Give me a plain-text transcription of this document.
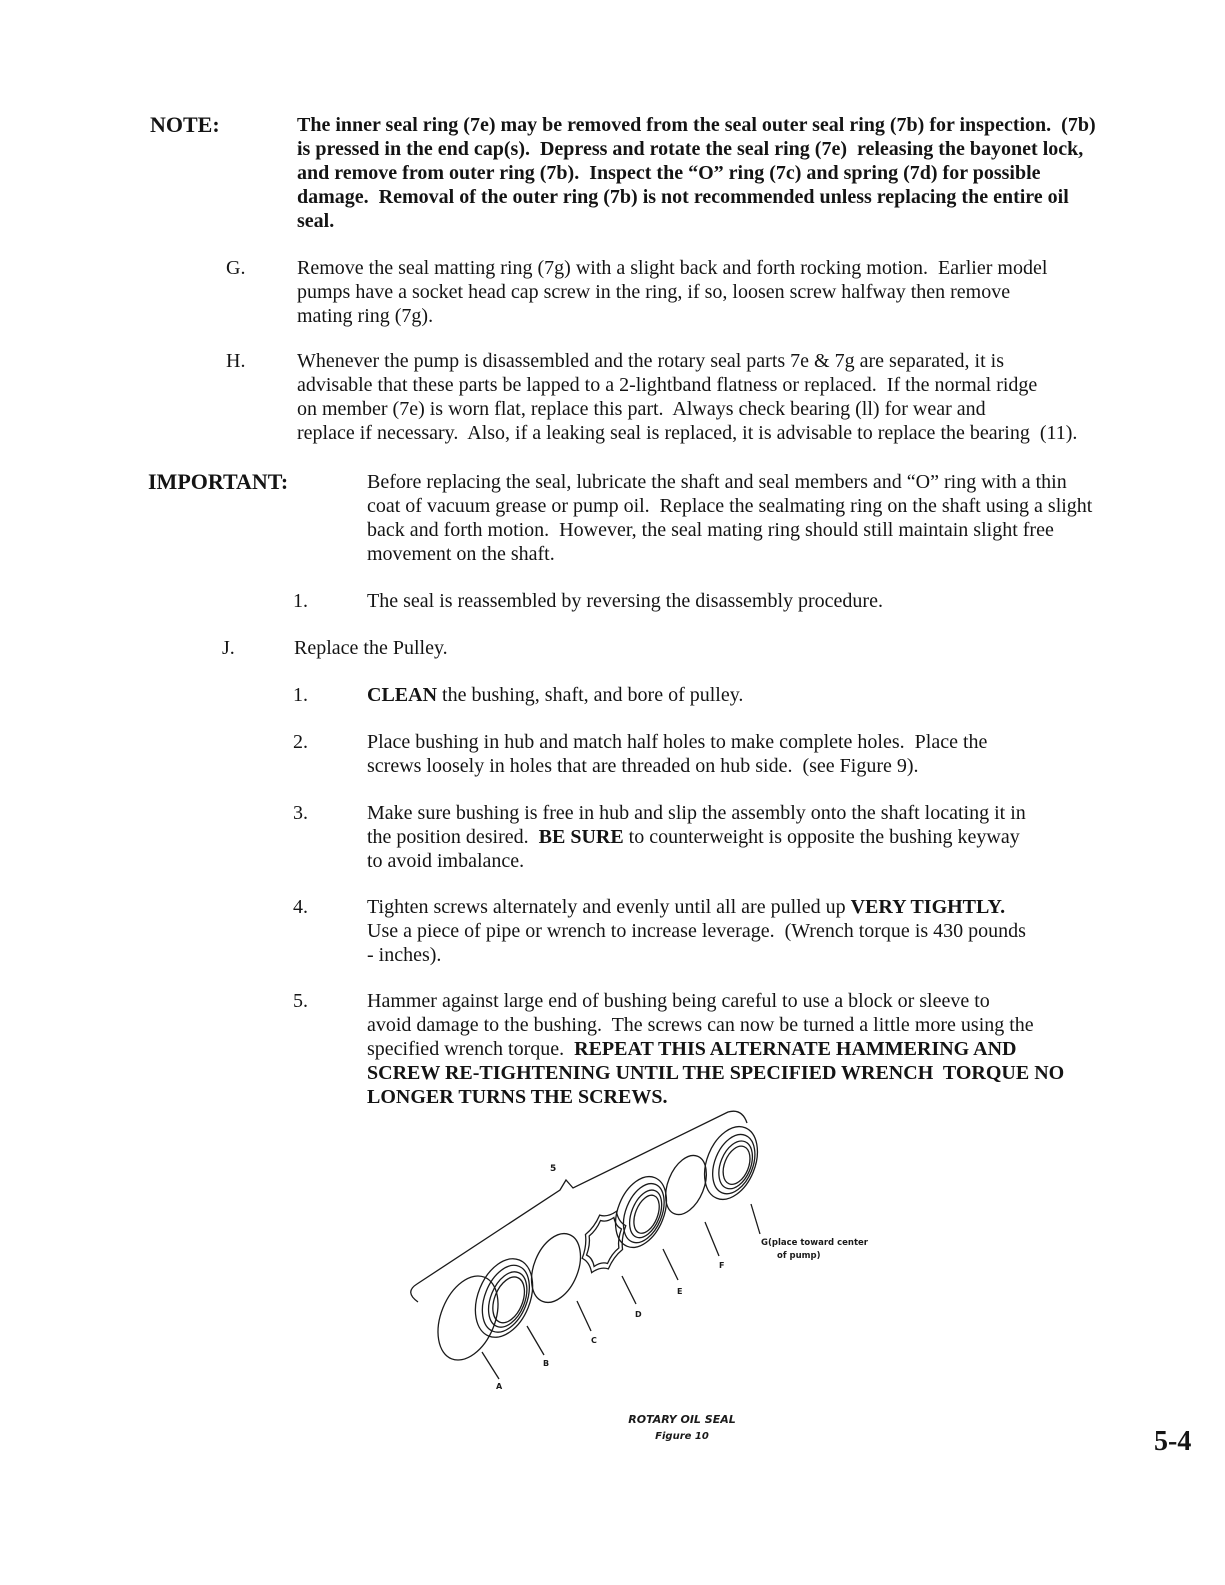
NOTE:	The inner seal ring (7e) may be removed from the seal outer seal ring (7b) for inspection.  (7b)
is pressed in the end cap(s).  Depress and rotate the seal ring (7e)  releasing the bayonet lock,
and remove from outer ring (7b).  Inspect the “O” ring (7c) and spring (7d) for possible
damage.  Removal of the outer ring (7b) is not recommended unless replacing the entire oil
seal.
G.	Remove the seal matting ring (7g) with a slight back and forth rocking motion.  Earlier model
pumps have a socket head cap screw in the ring, if so, loosen screw halfway then remove
mating ring (7g).
H.	Whenever the pump is disassembled and the rotary seal parts 7e & 7g are separated, it is
advisable that these parts be lapped to a 2-lightband flatness or replaced.  If the normal ridge
on member (7e) is worn flat, replace this part.  Always check bearing (ll) for wear and
replace if necessary.  Also, if a leaking seal is replaced, it is advisable to replace the bearing  (11).
IMPORTANT:	Before replacing the seal, lubricate the shaft and seal members and “O” ring with a thin
coat of vacuum grease or pump oil.  Replace the sealmating ring on the shaft using a slight
back and forth motion.  However, the seal mating ring should still maintain slight free
movement on the shaft.
1.	The seal is reassembled by reversing the disassembly procedure.
J.	Replace the Pulley.
1.	CLEAN the bushing, shaft, and bore of pulley.
2.	Place bushing in hub and match half holes to make complete holes.  Place the
screws loosely in holes that are threaded on hub side.  (see Figure 9).
3.	Make sure bushing is free in hub and slip the assembly onto the shaft locating it in
the position desired.  BE SURE to counterweight is opposite the bushing keyway
to avoid imbalance.
4.	Tighten screws alternately and evenly until all are pulled up VERY TIGHTLY.
Use a piece of pipe or wrench to increase leverage.  (Wrench torque is 430 pounds
- inches).
5.	Hammer against large end of bushing being careful to use a block or sleeve to
avoid damage to the bushing.  The screws can now be turned a little more using the
specified wrench torque.  REPEAT THIS ALTERNATE HAMMERING AND
SCREW RE-TIGHTENING UNTIL THE SPECIFIED WRENCH  TORQUE NO
LONGER TURNS THE SCREWS.
5
A
B
C
D
E
F
G(place toward center
of pump)
ROTARY OIL SEAL
Figure 10	5-4
